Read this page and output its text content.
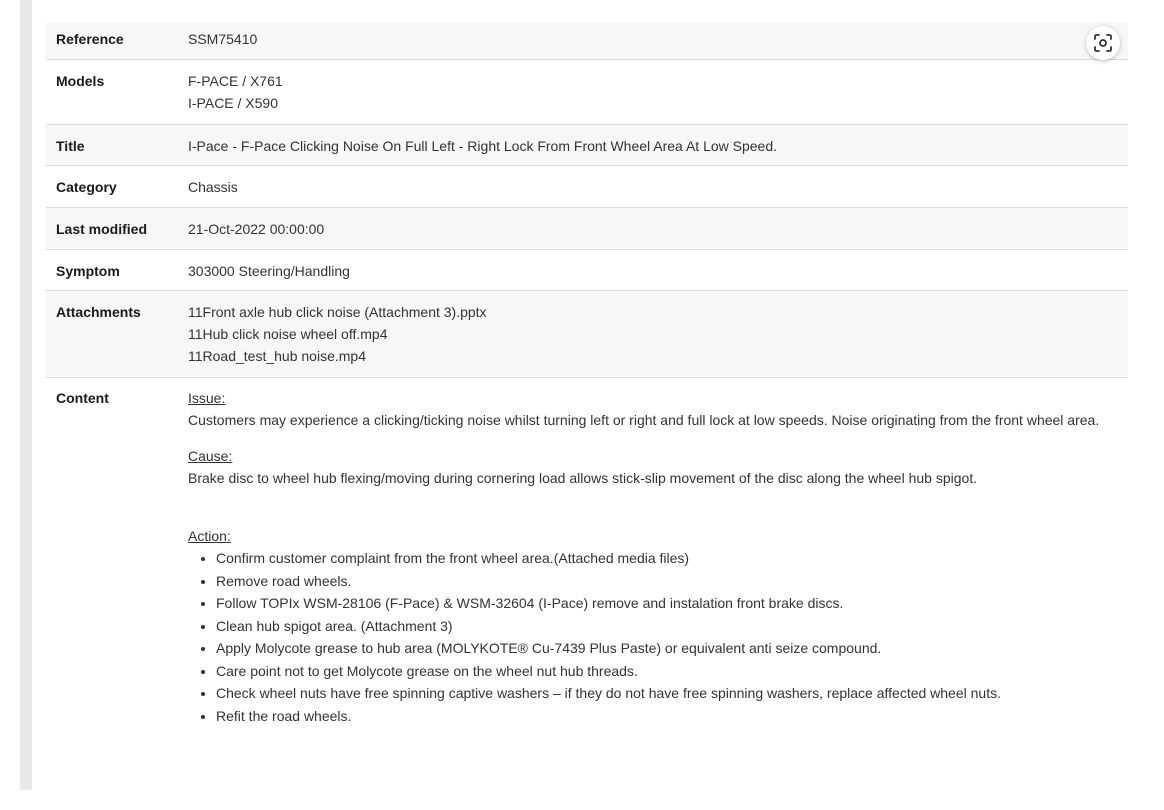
Reference	SSM75410
Models	F-PACE / X761
I-PACE / X590
Title	I-Pace - F-Pace Clicking Noise On Full Left - Right Lock From Front Wheel Area At Low Speed.
Category	Chassis
Last modified	21-Oct-2022 00:00:00
Symptom	303000 Steering/Handling
Attachments	11Front axle hub click noise (Attachment 3).pptx
11Hub click noise wheel off.mp4
11Road_test_hub noise.mp4
Content	Issue:

Customers may experience a clicking/ticking noise whilst turning left or right and full lock at low speeds. Noise originating from the front wheel area.

Cause:

Brake disc to wheel hub flexing/moving during cornering load allows stick-slip movement of the disc along the wheel hub spigot.

Action:
• Confirm customer complaint from the front wheel area.(Attached media files)
• Remove road wheels.
• Follow TOPIx WSM-28106 (F-Pace) & WSM-32604 (I-Pace) remove and instalation front brake discs.
• Clean hub spigot area. (Attachment 3)
• Apply Molycote grease to hub area (MOLYKOTE® Cu-7439 Plus Paste) or equivalent anti seize compound.
• Care point not to get Molycote grease on the wheel nut hub threads.
• Check wheel nuts have free spinning captive washers – if they do not have free spinning washers, replace affected wheel nuts.
• Refit the road wheels.
